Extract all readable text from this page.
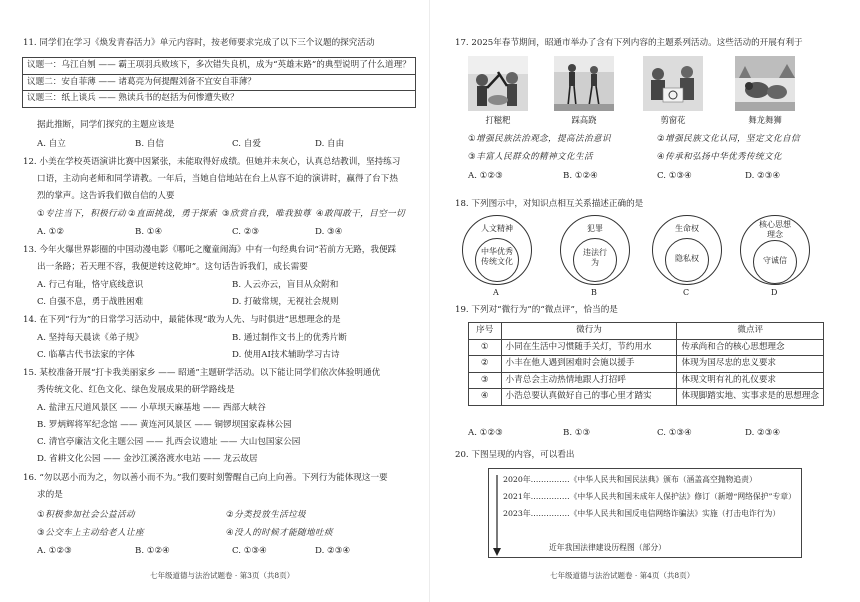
11. 同学们在学习《焕发青春活力》单元内容时，按老师要求完成了以下三个议题的探究活动
议题一：乌江自刎 —— 霸王项羽兵败垓下，多次错失良机，成为“英雄末路”的典型说明了什么道理？
议题二：安自菲薄 —— 诸葛亮为何提醒刘备不宜安自菲薄？
议题三：纸上谈兵 —— 熟读兵书的赵括为何惨遭失败？
据此推断，同学们探究的主题应该是
A. 自立	B. 自信	C. 自爱	D. 自由
12. 小美在学校英语演讲比赛中因紧张，未能取得好成绩。但她并未灰心，认真总结教训，坚持练习
口语，主动向老师和同学请教。一年后，当她自信地站在台上从容不迫的演讲时，赢得了台下热
烈的掌声。这告诉我们做自信的人要
①专注当下，积极行动 ②直面挑战，勇于探索 ③欣赏自我，唯我独尊 ④敢闯敢干，目空一切
A. ①②	B. ①④	C. ②③	D. ③④
13. 今年火爆世界影圈的中国动漫电影《哪吒之魔童闹海》中有一句经典台词“若前方无路，我便踩
出一条路；若天理不容，我便逆转这乾坤”。这句话告诉我们，成长需要
A. 行己有耻，恪守底线意识	B. 人云亦云，盲目从众附和
C. 自强不息，勇于战胜困难	D. 打破常规，无视社会规则
14. 在下列“行为”的日常学习活动中，最能体现“敢为人先、与时俱进”思想理念的是
A. 坚持每天晨读《弟子规》	B. 通过制作文书上的优秀片断
C. 临摹古代书法家的字体	D. 使用AI技术辅助学习古诗
15. 某校准备开展“打卡我美丽家乡 —— 昭通”主题研学活动。以下能让同学们依次体验明通优
秀传统文化、红色文化、绿色发展成果的研学路线是
A. 盐津五尺道风景区 —— 小草坝天麻基地 —— 西部大峡谷
B. 罗炳辉将军纪念馆 —— 黄连河风景区 —— 铜锣坝国家森林公园
C. 清官亭廉洁文化主题公园 —— 扎西会议遗址 —— 大山包国家公园
D. 省耕文化公园 —— 金沙江溪洛渡水电站 —— 龙云故居
16. “勿以恶小而为之，勿以善小而不为。”我们要时刻警醒自己向上向善。下列行为能体现这一要
求的是
①积极参加社会公益活动	②分类投放生活垃圾
③公交车上主动给老人让座	④没人的时候才能随地吐痰
A. ①②③	B. ①②④	C. ①③④	D. ②③④
七年级道德与法治试题卷 · 第3页（共8页）
17. 2025年春节期间，昭通市举办了含有下列内容的主题系列活动。这些活动的开展有利于
打糍粑	踩高跷	剪窗花	舞龙舞狮
①增强民族法治观念，提高法治意识	②增强民族文化认同，坚定文化自信
③丰富人民群众的精神文化生活	④传承和弘扬中华优秀传统文化
A. ①②③	B. ①②④	C. ①③④	D. ②③④
18. 下列图示中，对知识点相互关系描述正确的是
人文精神
中华优秀传统文化
A
犯罪
违法行为
B
生命权
隐私权
C
核心思想理念
守诚信
D
19. 下列对“微行为”的“微点评”，恰当的是
序号	微行为	微点评
①	小同在生活中习惯随手关灯，节约用水	传承尚和合的核心思想理念
②	小丰在他人遇到困难时会施以援手	体现为国尽忠的忠义要求
③	小青总会主动热情地跟人打招呼	体现文明有礼的礼仪要求
④	小浩总要认真做好自己的事心里才踏实	体现脚踏实地、实事求是的思想理念
A. ①②③	B. ①③	C. ①③④	D. ②③④
20. 下图呈现的内容，可以看出
2020年……………《中华人民共和国民法典》颁布（涵盖高空抛物追责）
2021年……………《中华人民共和国未成年人保护法》修订（新增“网络保护”专章）
2023年……………《中华人民共和国反电信网络诈骗法》实施（打击电诈行为）
近年我国法律建设历程图（部分）
七年级道德与法治试题卷 · 第4页（共8页）
